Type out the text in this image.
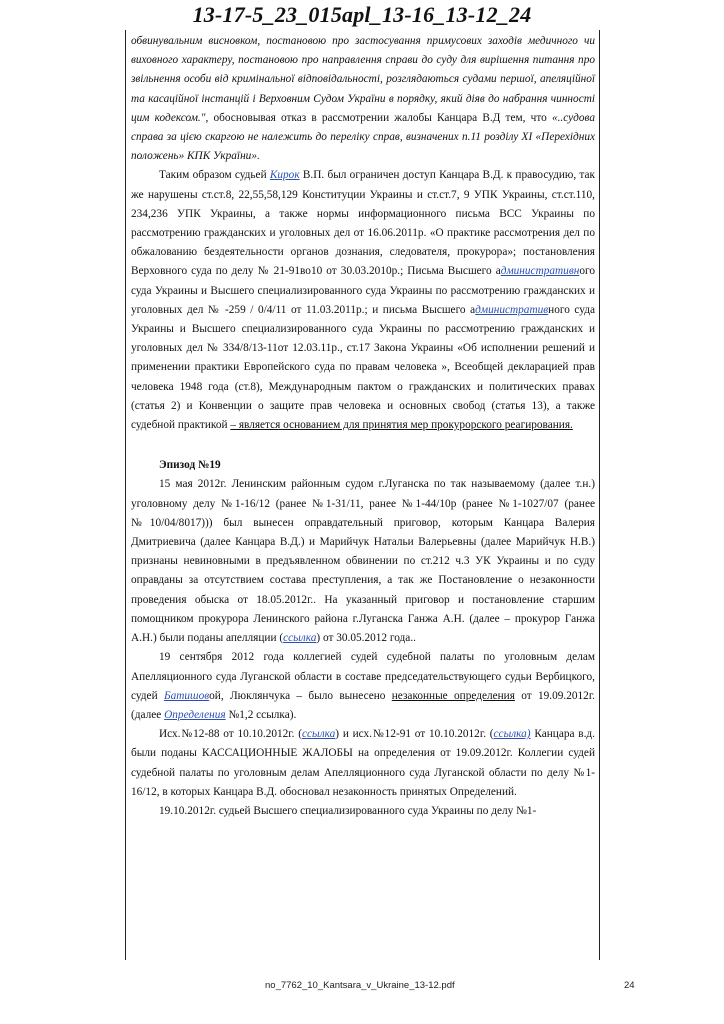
13-17-5_23_015apl_13-16_13-12_24

обвинувальним висновком, постановою про застосування примусових заходів медичного чи виховного характеру, постановою про направлення справи до суду для вирішення питання про звільнення особи від кримінальної відповідальності, розглядаються судами першої, апеляційної та касаційної інстанцій і Верховним Судом України в порядку, який діяв до набрання чинності цим кодексом.", обосновывая отказ в рассмотрении жалобы Канцара В.Д тем, что «..судова справа за цією скаргою не належить до переліку справ, визначених п.11 розділу XI «Перехідних положень» КПК України».

Таким образом судьей Кирок В.П. был ограничен доступ Канцара В.Д. к правосудию, так же нарушены ст.ст.8, 22,55,58,129 Конституции Украины и ст.ст.7, 9 УПК Украины, ст.ст.110, 234,236 УПК Украины, а также нормы информационного письма ВСС Украины по рассмотрению гражданских и уголовных дел от 16.06.2011р. «О практике рассмотрения дел по обжалованию бездеятельности органов дознания, следователя, прокурора»; постановления Верховного суда по делу № 21-91во10 от 30.03.2010р.; Письма Высшего административного суда Украины и Высшего специализированного суда Украины по рассмотрению гражданских и уголовных дел № -259 / 0/4/11 от 11.03.2011р.; и письма Высшего административного суда Украины и Высшего специализированного суда Украины по рассмотрению гражданских и уголовных дел № 334/8/13-11от 12.03.11р., ст.17 Закона Украины «Об исполнении решений и применении практики Европейского суда по правам человека », Всеобщей декларацией прав человека 1948 года (ст.8), Международным пактом о гражданских и политических правах (статья 2) и Конвенции о защите прав человека и основных свобод (статья 13), а также судебной практикой – является основанием для принятия мер прокурорского реагирования.

Эпизод №19

15 мая 2012г. Ленинским районным судом г.Луганска по так называемому (далее т.н.) уголовному делу №1-16/12 (ранее №1-31/11, ранее №1-44/10р (ранее №1-1027/07 (ранее №10/04/8017))) был вынесен оправдательный приговор, которым Канцара Валерия Дмитриевича (далее Канцара В.Д.) и Марийчук Натальи Валерьевны (далее Марийчук Н.В.) признаны невиновными в предъявленном обвинении по ст.212 ч.3 УК Украины и по суду оправданы за отсутствием состава преступления, а так же Постановление о незаконности проведения обыска от 18.05.2012г.. На указанный приговор и постановление старшим помощником прокурора Ленинского района г.Луганска Ганжа А.Н. (далее – прокурор Ганжа А.Н.) были поданы апелляции (ссылка) от 30.05.2012 года..

19 сентября 2012 года коллегией судей судебной палаты по уголовным делам Апелляционного суда Луганской области в составе председательствующего судьи Вербицкого, судей Батишовой, Люклянчука – было вынесено незаконные определения от 19.09.2012г. (далее Определения №1,2 ссылка).

Исх.№12-88 от 10.10.2012г. (ссылка) и исх.№12-91 от 10.10.2012г. (ссылка) Канцара в.д. были поданы КАССАЦИОННЫЕ ЖАЛОБЫ на определения от 19.09.2012г. Коллегии судей судебной палаты по уголовным делам Апелляционного суда Луганской области по делу №1-16/12, в которых Канцара В.Д. обосновал незаконность принятых Определений.

19.10.2012г. судьей Высшего специализированного суда Украины по делу №1-

no_7762_10_Kantsara_v_Ukraine_13-12.pdf	24
